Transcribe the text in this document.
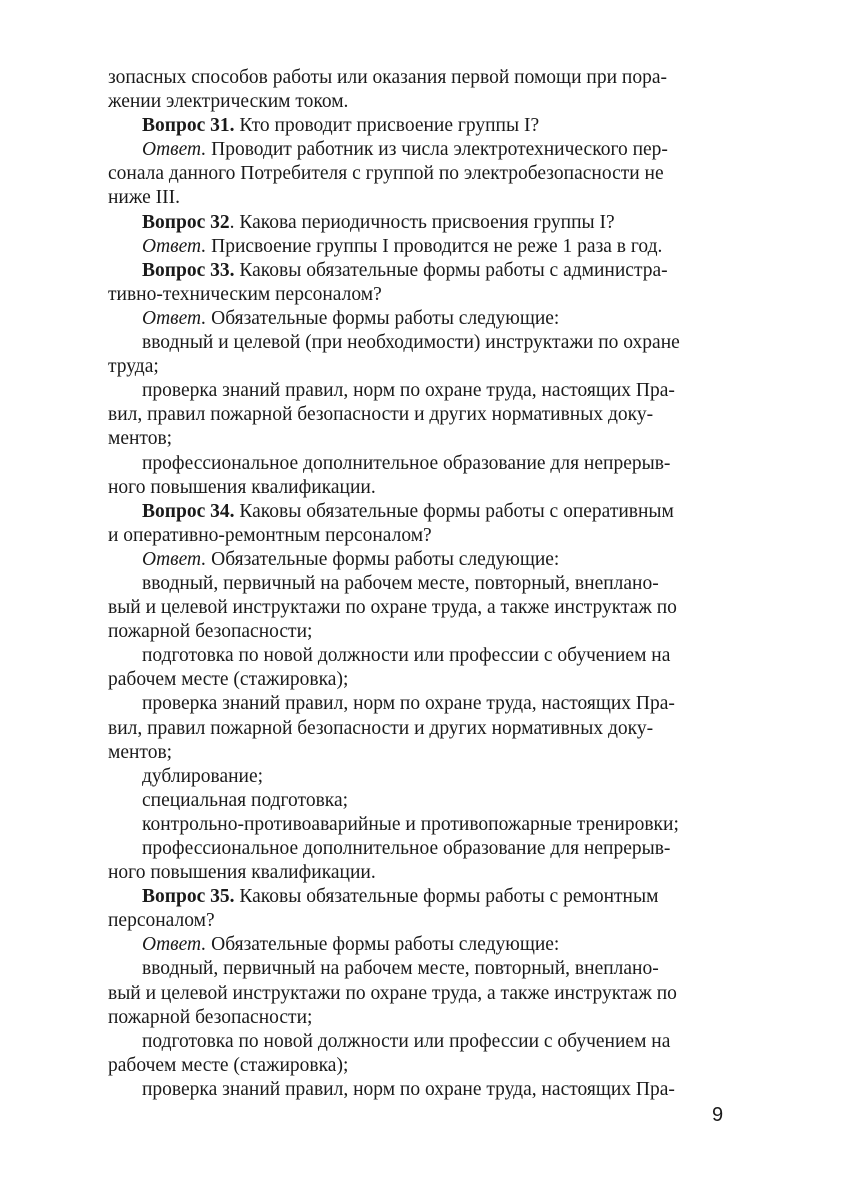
зопасных способов работы или оказания первой помощи при пора-
жении электрическим током.

Вопрос 31. Кто проводит присвоение группы I?

Ответ. Проводит работник из числа электротехнического пер-
сонала данного Потребителя с группой по электробезопасности не
ниже III.

Вопрос 32. Какова периодичность присвоения группы I?

Ответ. Присвоение группы I проводится не реже 1 раза в год.

Вопрос 33. Каковы обязательные формы работы с администра-
тивно-техническим персоналом?

Ответ. Обязательные формы работы следующие:

вводный и целевой (при необходимости) инструктажи по охране
труда;

проверка знаний правил, норм по охране труда, настоящих Пра-
вил, правил пожарной безопасности и других нормативных доку-
ментов;

профессиональное дополнительное образование для непрерыв-
ного повышения квалификации.

Вопрос 34. Каковы обязательные формы работы с оперативным
и оперативно-ремонтным персоналом?

Ответ. Обязательные формы работы следующие:

вводный, первичный на рабочем месте, повторный, внеплано-
вый и целевой инструктажи по охране труда, а также инструктаж по
пожарной безопасности;

подготовка по новой должности или профессии с обучением на
рабочем месте (стажировка);

проверка знаний правил, норм по охране труда, настоящих Пра-
вил, правил пожарной безопасности и других нормативных доку-
ментов;

дублирование;

специальная подготовка;

контрольно-противоаварийные и противопожарные тренировки;

профессиональное дополнительное образование для непрерыв-
ного повышения квалификации.

Вопрос 35. Каковы обязательные формы работы с ремонтным
персоналом?

Ответ. Обязательные формы работы следующие:

вводный, первичный на рабочем месте, повторный, внеплано-
вый и целевой инструктажи по охране труда, а также инструктаж по
пожарной безопасности;

подготовка по новой должности или профессии с обучением на
рабочем месте (стажировка);

проверка знаний правил, норм по охране труда, настоящих Пра-

9
